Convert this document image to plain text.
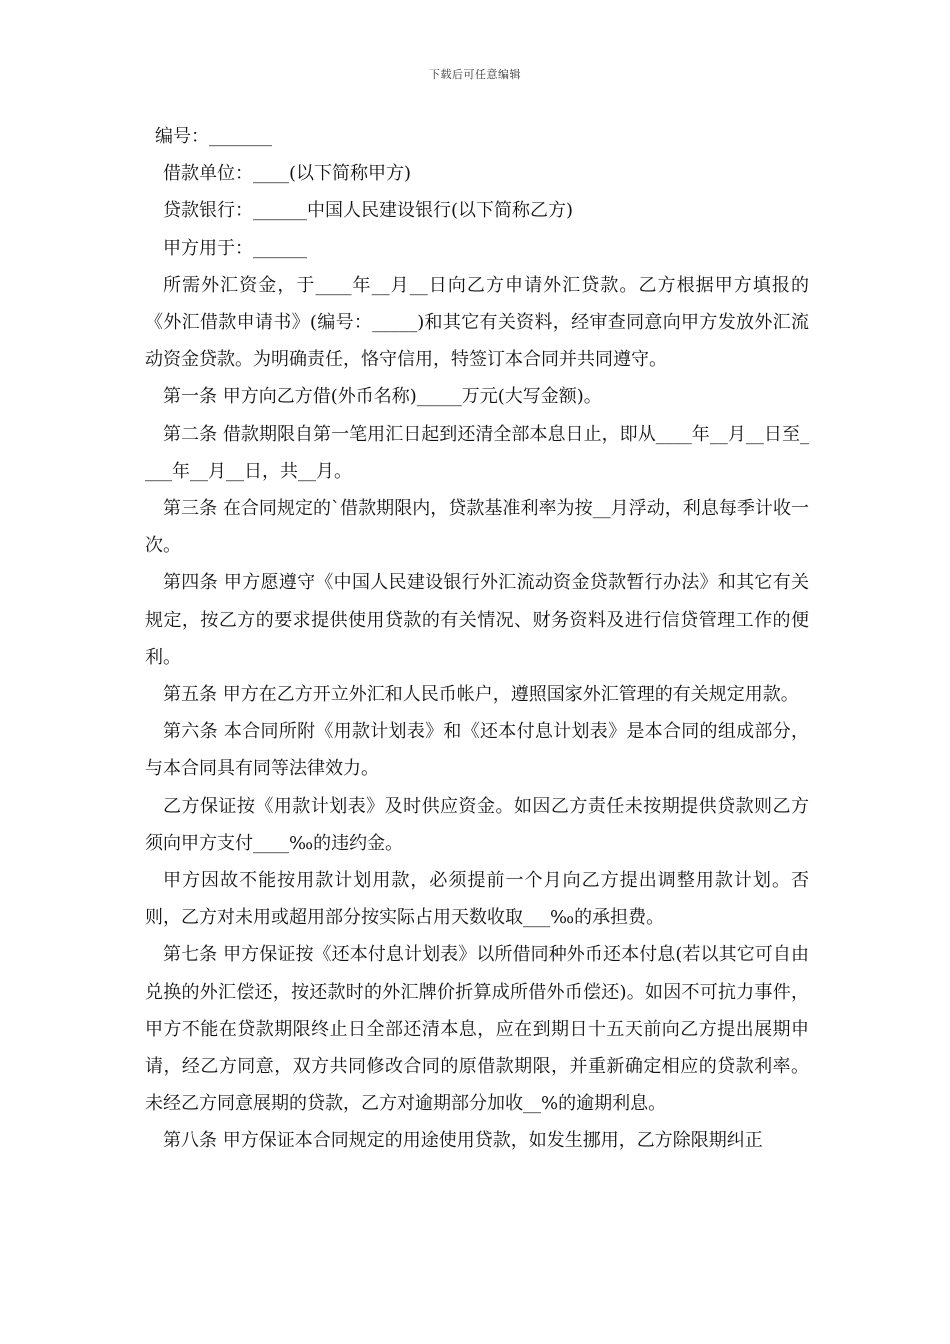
下载后可任意编辑

编号：_______

借款单位：____(以下简称甲方)

贷款银行：______中国人民建设银行(以下简称乙方)

甲方用于：______

所需外汇资金，于____年__月__日向乙方申请外汇贷款。乙方根据甲方填报的《外汇借款申请书》(编号：_____)和其它有关资料，经审查同意向甲方发放外汇流动资金贷款。为明确责任，恪守信用，特签订本合同并共同遵守。

第一条 甲方向乙方借(外币名称)_____万元(大写金额)。

第二条 借款期限自第一笔用汇日起到还清全部本息日止，即从____年__月__日至____年__月__日，共__月。

第三条 在合同规定的`借款期限内，贷款基准利率为按__月浮动，利息每季计收一次。

第四条 甲方愿遵守《中国人民建设银行外汇流动资金贷款暂行办法》和其它有关规定，按乙方的要求提供使用贷款的有关情况、财务资料及进行信贷管理工作的便利。

第五条 甲方在乙方开立外汇和人民币帐户，遵照国家外汇管理的有关规定用款。

第六条 本合同所附《用款计划表》和《还本付息计划表》是本合同的组成部分，与本合同具有同等法律效力。

乙方保证按《用款计划表》及时供应资金。如因乙方责任未按期提供贷款则乙方须向甲方支付____‰的违约金。

甲方因故不能按用款计划用款，必须提前一个月向乙方提出调整用款计划。否则，乙方对未用或超用部分按实际占用天数收取___‰的承担费。

第七条 甲方保证按《还本付息计划表》以所借同种外币还本付息(若以其它可自由兑换的外汇偿还，按还款时的外汇牌价折算成所借外币偿还)。如因不可抗力事件，甲方不能在贷款期限终止日全部还清本息，应在到期日十五天前向乙方提出展期申请，经乙方同意，双方共同修改合同的原借款期限，并重新确定相应的贷款利率。未经乙方同意展期的贷款，乙方对逾期部分加收__%的逾期利息。

第八条 甲方保证本合同规定的用途使用贷款，如发生挪用，乙方除限期纠正
